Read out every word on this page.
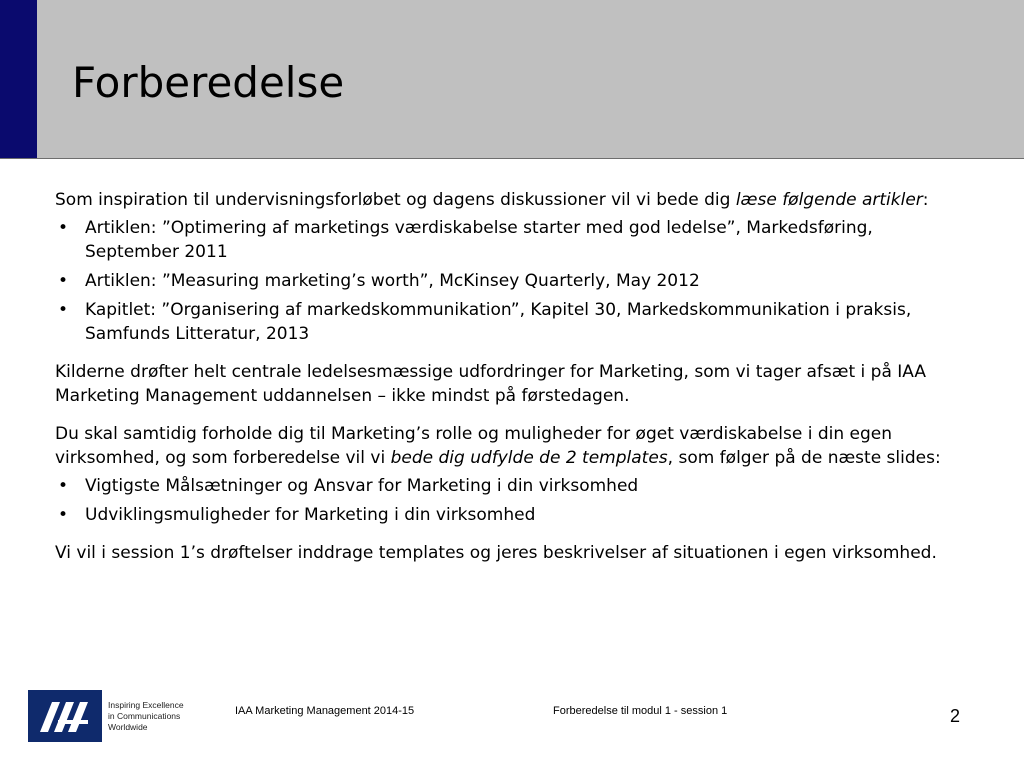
Forberedelse

Som inspiration til undervisningsforløbet og dagens diskussioner vil vi bede dig læse følgende artikler:

• Artiklen: ”Optimering af marketings værdiskabelse starter med god ledelse”, Markedsføring, September 2011
• Artiklen: ”Measuring marketing’s worth”, McKinsey Quarterly, May 2012
• Kapitlet: ”Organisering af markedskommunikation”, Kapitel 30, Markedskommunikation i praksis, Samfunds Litteratur, 2013

Kilderne drøfter helt centrale ledelsesmæssige udfordringer for Marketing, som vi tager afsæt i på IAA Marketing Management uddannelsen – ikke mindst på førstedagen.

Du skal samtidig forholde dig til Marketing’s rolle og muligheder for øget værdiskabelse i din egen virksomhed, og som forberedelse vil vi bede dig udfylde de 2 templates, som følger på de næste slides:

• Vigtigste Målsætninger og Ansvar for Marketing i din virksomhed
• Udviklingsmuligheder for Marketing i din virksomhed

Vi vil i session 1’s drøftelser inddrage templates og jeres beskrivelser af situationen i egen virksomhed.

Inspiring Excellence
in Communications
Worldwide
IAA Marketing Management 2014-15	Forberedelse til modul 1 - session 1	2
